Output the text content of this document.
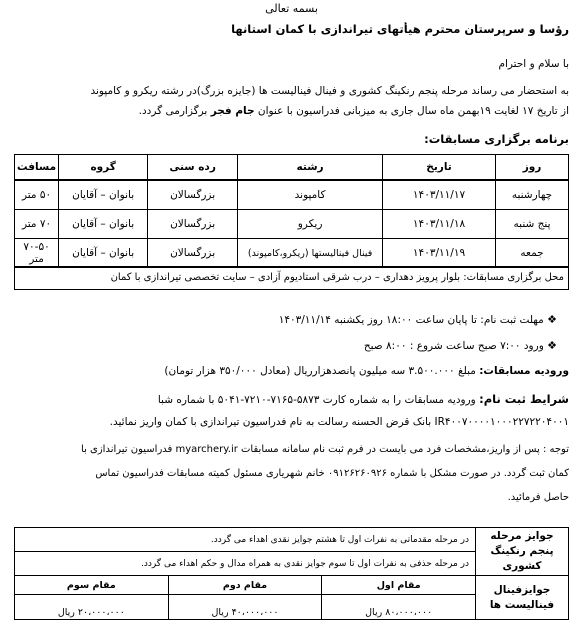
بسمه تعالی
رؤسا و سرپرستان محترم هیأتهای تیراندازی با کمان استانها
با سلام و احترام
به استحضار می رساند مرحله پنجم رنکینگ کشوری و فینال فینالیست ها (جایزه بزرگ)در رشته ریکرو و کامپوند
از تاریخ ۱۷ لغایت ۱۹بهمن ماه سال جاری به میزبانی فدراسیون با عنوان جام فجر برگزارمی گردد.
برنامه برگزاری مسابقات:
روز	تاریخ	رشته	رده سنی	گروه	مسافت
چهارشنبه	۱۴۰۳/۱۱/۱۷	کامپوند	بزرگسالان	بانوان – آقایان	۵۰ متر
پنج شنبه	۱۴۰۳/۱۱/۱۸	ریکرو	بزرگسالان	بانوان – آقایان	۷۰ متر
جمعه	۱۴۰۳/۱۱/۱۹	فینال فینالیستها (ریکرو،کامپوند)	بزرگسالان	بانوان – آقایان	۷۰-۵۰ متر
محل برگزاری مسابقات: بلوار پرویز دهداری – درب شرقی استادیوم آزادی – سایت تخصصی تیراندازی با کمان
❖ مهلت ثبت نام: تا پایان ساعت ۱۸:۰۰ روز یکشنبه ۱۴۰۳/۱۱/۱۴
❖ ورود ۷:۰۰ صبح ساعت شروع : ۸:۰۰ صبح
ورودیه مسابقات: مبلغ ۳.۵۰۰.۰۰۰ سه میلیون پانصدهزارریال (معادل ۳۵۰/۰۰۰ هزار تومان)
شرایط ثبت نام: ورودیه مسابقات را به شماره کارت ۵۸۷۳-۷۱۶۵-۷۲۱۰-۵۰۴۱ با شماره شبا
IR۴۰۰۷۰۰۰۰۱۰۰۰۲۲۷۲۲۰۴۰۰۱ بانک قرض الحسنه رسالت به نام فدراسیون تیراندازی با کمان واریز نمائید.
توجه : پس از واریز،مشخصات فرد می بایست در فرم ثبت نام سامانه مسابقات myarchery.ir فدراسیون تیراندازی با
کمان ثبت گردد. در صورت مشکل با شماره ۰۹۱۲۶۲۶۰۹۲۶ خانم شهریاری مسئول کمیته مسابقات فدراسیون تماس
حاصل فرمائید.
جوایز مرحله پنجم رنکینگ کشوری	در مرحله مقدماتی به نفرات اول تا هشتم جوایز نقدی اهداء می گردد.		
	در مرحله حذفی به نفرات اول تا سوم جوایز نقدی به همراه مدال و حکم اهداء می گردد.		
جوایزفینال فینالیست ها	مقام اول	مقام دوم	مقام سوم
	۸۰،۰۰۰،۰۰۰ ریال	۴۰،۰۰۰،۰۰۰ ریال	۲۰،۰۰۰،۰۰۰ ریال
